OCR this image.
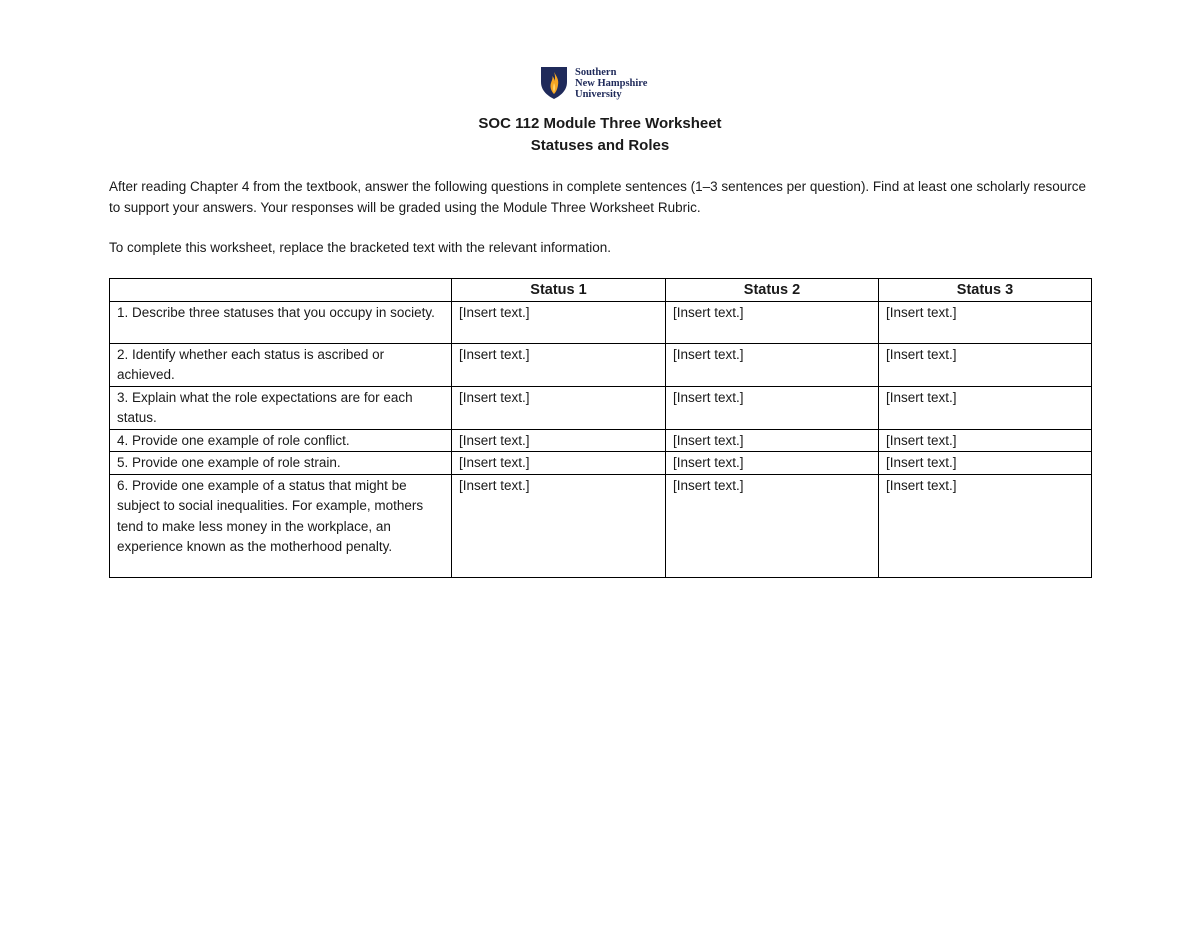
Southern
New Hampshire
University
SOC 112 Module Three Worksheet
Statuses and Roles

After reading Chapter 4 from the textbook, answer the following questions in complete sentences (1–3 sentences per question). Find at least one scholarly resource to support your answers. Your responses will be graded using the Module Three Worksheet Rubric.

To complete this worksheet, replace the bracketed text with the relevant information.

	Status 1	Status 2	Status 3
1. Describe three statuses that you occupy in society.	[Insert text.]	[Insert text.]	[Insert text.]
2. Identify whether each status is ascribed or achieved.	[Insert text.]	[Insert text.]	[Insert text.]
3. Explain what the role expectations are for each status.	[Insert text.]	[Insert text.]	[Insert text.]
4. Provide one example of role conflict.	[Insert text.]	[Insert text.]	[Insert text.]
5. Provide one example of role strain.	[Insert text.]	[Insert text.]	[Insert text.]
6. Provide one example of a status that might be subject to social inequalities. For example, mothers tend to make less money in the workplace, an experience known as the motherhood penalty.	[Insert text.]	[Insert text.]	[Insert text.]
